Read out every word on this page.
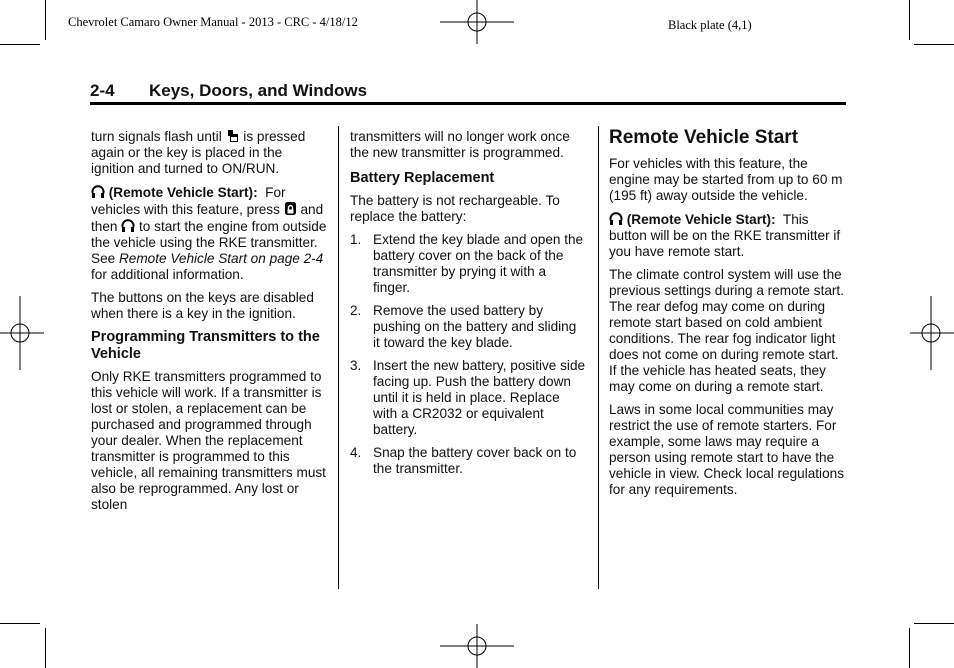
Chevrolet Camaro Owner Manual - 2013 - CRC - 4/18/12	Black plate (4,1)
2-4 Keys, Doors, and Windows

turn signals flash until is pressed again or the key is placed in the ignition and turned to ON/RUN.

(Remote Vehicle Start): For vehicles with this feature, press and then to start the engine from outside the vehicle using the RKE transmitter. See Remote Vehicle Start on page 2-4 for additional information.

The buttons on the keys are disabled when there is a key in the ignition.

Programming Transmitters to the Vehicle

Only RKE transmitters programmed to this vehicle will work. If a transmitter is lost or stolen, a replacement can be purchased and programmed through your dealer. When the replacement transmitter is programmed to this vehicle, all remaining transmitters must also be reprogrammed. Any lost or stolen

transmitters will no longer work once the new transmitter is programmed.

Battery Replacement

The battery is not rechargeable. To replace the battery:

1. Extend the key blade and open the battery cover on the back of the transmitter by prying it with a finger.
2. Remove the used battery by pushing on the battery and sliding it toward the key blade.
3. Insert the new battery, positive side facing up. Push the battery down until it is held in place. Replace with a CR2032 or equivalent battery.
4. Snap the battery cover back on to the transmitter.
Remote Vehicle Start

For vehicles with this feature, the engine may be started from up to 60 m (195 ft) away outside the vehicle.

(Remote Vehicle Start): This button will be on the RKE transmitter if you have remote start.

The climate control system will use the previous settings during a remote start. The rear defog may come on during remote start based on cold ambient conditions. The rear fog indicator light does not come on during remote start. If the vehicle has heated seats, they may come on during a remote start.

Laws in some local communities may restrict the use of remote starters. For example, some laws may require a person using remote start to have the vehicle in view. Check local regulations for any requirements.
